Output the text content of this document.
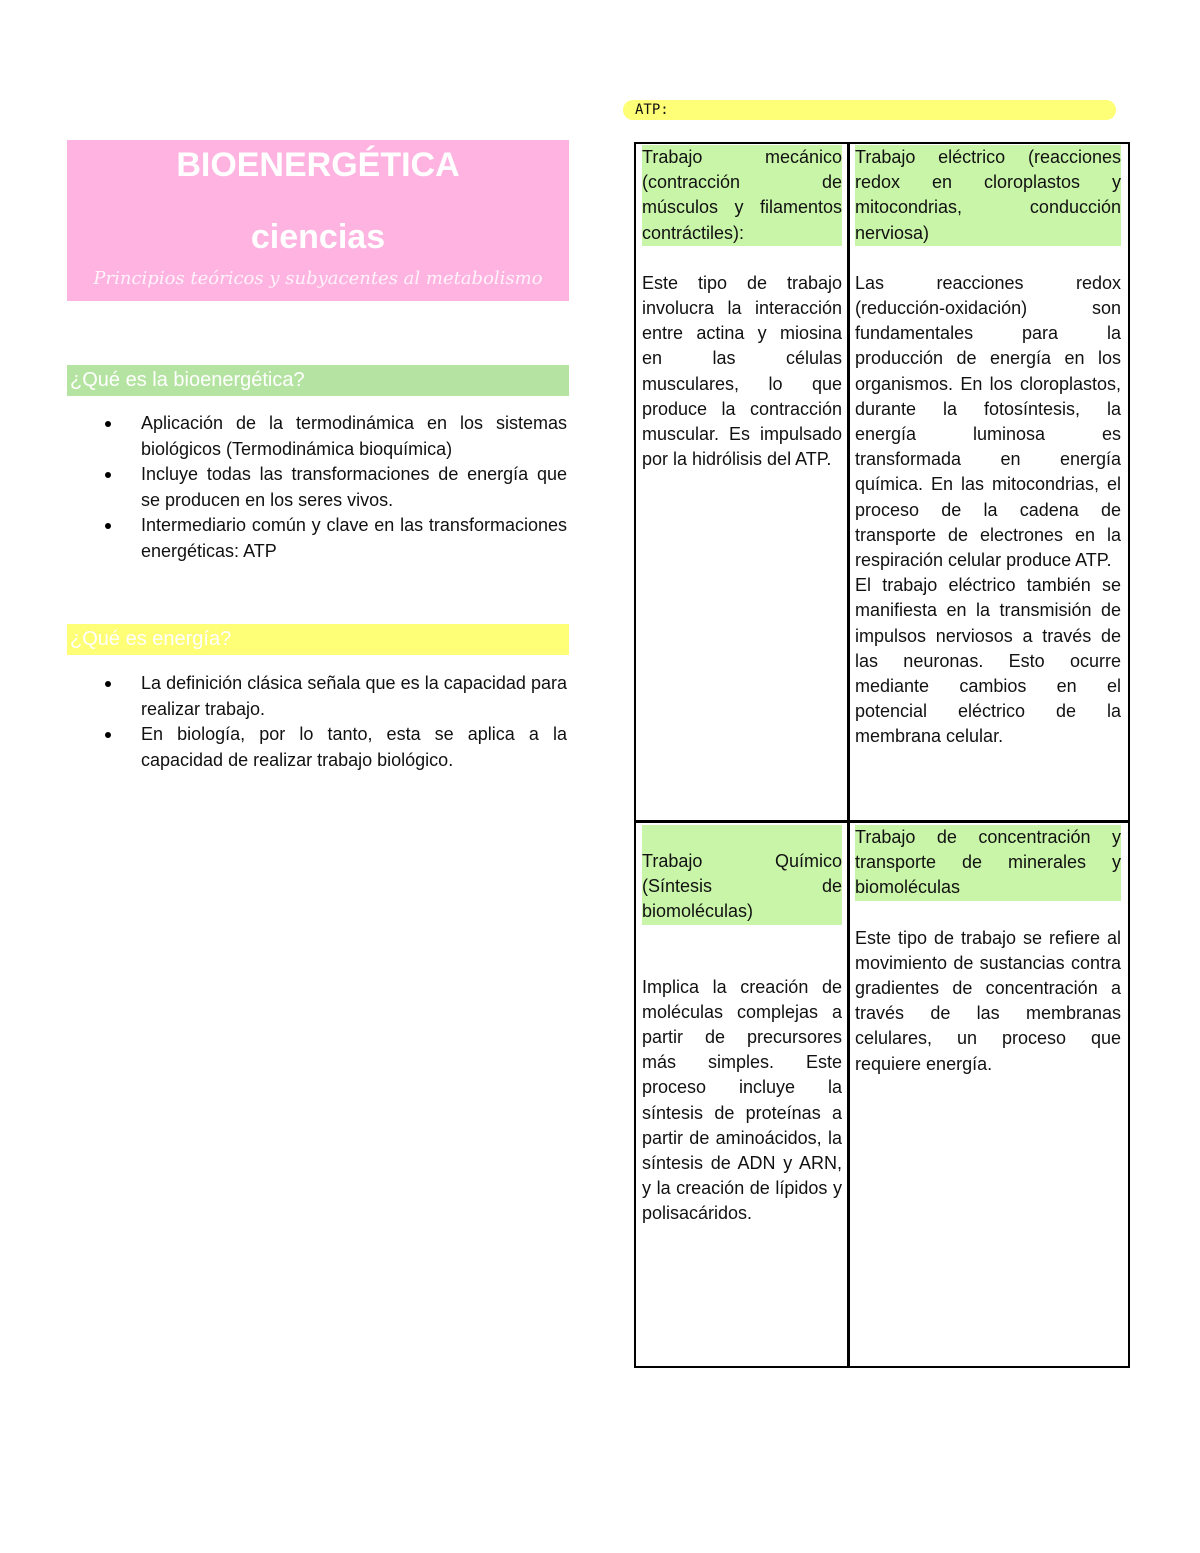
BIOENERGÉTICA
ciencias
Principios teóricos y subyacentes al metabolismo
¿Qué es la bioenergética?
Aplicación de la termodinámica en los sistemas biológicos (Termodinámica bioquímica)
Incluye todas las transformaciones de energía que se producen en los seres vivos.
Intermediario común y clave en las transformaciones energéticas: ATP
¿Qué es energía?
La definición clásica señala que es la capacidad para realizar trabajo.
En biología, por lo tanto, esta se aplica a la capacidad de realizar trabajo biológico.
ATP:

Trabajo mecánico (contracción de músculos y filamentos contráctiles):

Este tipo de trabajo involucra la interacción entre actina y miosina en las células musculares, lo que produce la contracción muscular. Es impulsado por la hidrólisis del ATP.

Trabajo eléctrico (reacciones redox en cloroplastos y mitocondrias, conducción nerviosa)

Las reacciones redox (reducción-oxidación) son fundamentales para la producción de energía en los organismos. En los cloroplastos, durante la fotosíntesis, la energía luminosa es transformada en energía química. En las mitocondrias, el proceso de la cadena de transporte de electrones en la respiración celular produce ATP.

El trabajo eléctrico también se manifiesta en la transmisión de impulsos nerviosos a través de las neuronas. Esto ocurre mediante cambios en el potencial eléctrico de la membrana celular.

Trabajo Químico (Síntesis de biomoléculas)

Implica la creación de moléculas complejas a partir de precursores más simples. Este proceso incluye la síntesis de proteínas a partir de aminoácidos, la síntesis de ADN y ARN, y la creación de lípidos y polisacáridos.

Trabajo de concentración y transporte de minerales y biomoléculas

Este tipo de trabajo se refiere al movimiento de sustancias contra gradientes de concentración a través de las membranas celulares, un proceso que requiere energía.
